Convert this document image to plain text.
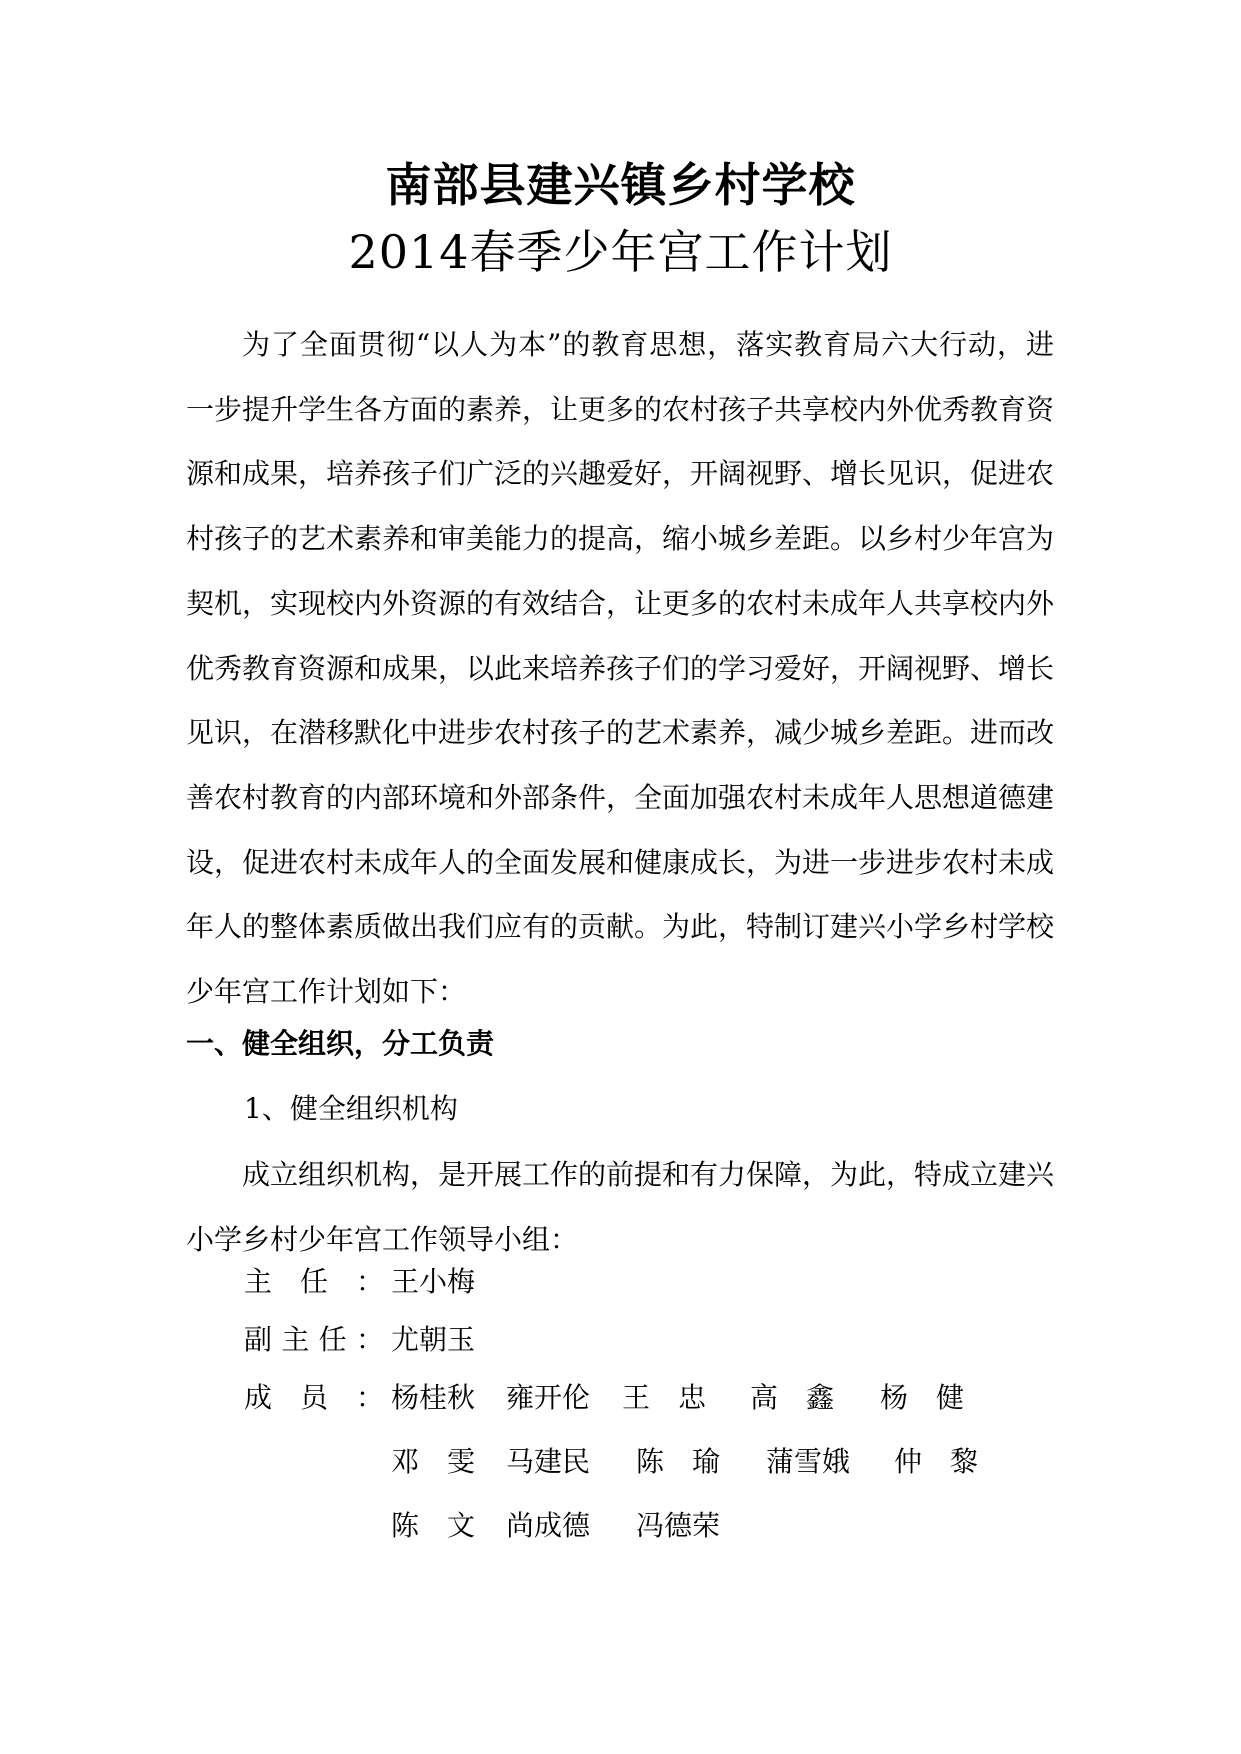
南部县建兴镇乡村学校
2014春季少年宫工作计划

为了全面贯彻“以人为本”的教育思想，落实教育局六大行动，进一步提升学生各方面的素养，让更多的农村孩子共享校内外优秀教育资源和成果，培养孩子们广泛的兴趣爱好，开阔视野、增长见识，促进农村孩子的艺术素养和审美能力的提高，缩小城乡差距。以乡村少年宫为契机，实现校内外资源的有效结合，让更多的农村未成年人共享校内外优秀教育资源和成果，以此来培养孩子们的学习爱好，开阔视野、增长见识，在潜移默化中进步农村孩子的艺术素养，减少城乡差距。进而改善农村教育的内部环境和外部条件，全面加强农村未成年人思想道德建设，促进农村未成年人的全面发展和健康成长，为进一步进步农村未成年人的整体素质做出我们应有的贡献。为此，特制订建兴小学乡村学校少年宫工作计划如下：

一、健全组织，分工负责

1、健全组织机构

成立组织机构，是开展工作的前提和有力保障，为此，特成立建兴小学乡村少年宫工作领导小组：

主 任 ： 王小梅
副 主 任 ： 尤朝玉
成 员 ： 杨桂秋 雍开伦 王　忠 高　鑫 杨　健
邓　雯 马建民 陈　瑜 蒲雪娥 仲　黎
陈　文 尚成德 冯德荣
